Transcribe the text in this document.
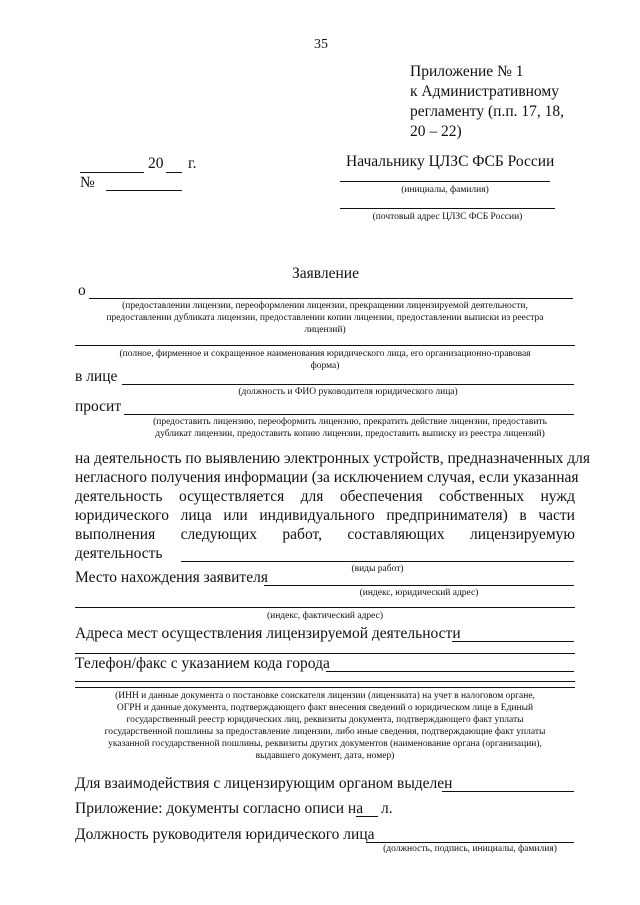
35
Приложение № 1
к Административному
регламенту (п.п. 17, 18,
20 – 22)
20 г.
№
Начальнику ЦЛЗС ФСБ России
(инициалы, фамилия)
(почтовый адрес ЦЛЗС ФСБ России)
Заявление
о
(предоставлении лицензии, переоформлении лицензии, прекращении лицензируемой деятельности,
предоставлении дубликата лицензии, предоставлении копии лицензии, предоставлении выписки из реестра
лицензий)
(полное, фирменное и сокращенное наименования юридического лица, его организационно-правовая
форма)
в лице
(должность и ФИО руководителя юридического лица)
просит
(предоставить лицензию, переоформить лицензию, прекратить действие лицензии, предоставить
дубликат лицензии, предоставить копию лицензии, предоставить выписку из реестра лицензий)
на деятельность по выявлению электронных устройств, предназначенных для
негласного получения информации (за исключением случая, если указанная
деятельность осуществляется для обеспечения собственных нужд
юридического лица или индивидуального предпринимателя) в части
выполнения следующих работ, составляющих лицензируемую
деятельность
(виды работ)
Место нахождения заявителя
(индекс, юридический адрес)
(индекс, фактический адрес)
Адреса мест осуществления лицензируемой деятельности
Телефон/факс с указанием кода города
(ИНН и данные документа о постановке соискателя лицензии (лицензиата) на учет в налоговом органе,
ОГРН и данные документа, подтверждающего факт внесения сведений о юридическом лице в Единый
государственный реестр юридических лиц, реквизиты документа, подтверждающего факт уплаты
государственной пошлины за предоставление лицензии, либо иные сведения, подтверждающие факт уплаты
указанной государственной пошлины, реквизиты других документов (наименование органа (организации),
выдавшего документ, дата, номер)
Для взаимодействия с лицензирующим органом выделен
Приложение: документы согласно описи на л.
Должность руководителя юридического лица
(должность, подпись, инициалы, фамилия)
